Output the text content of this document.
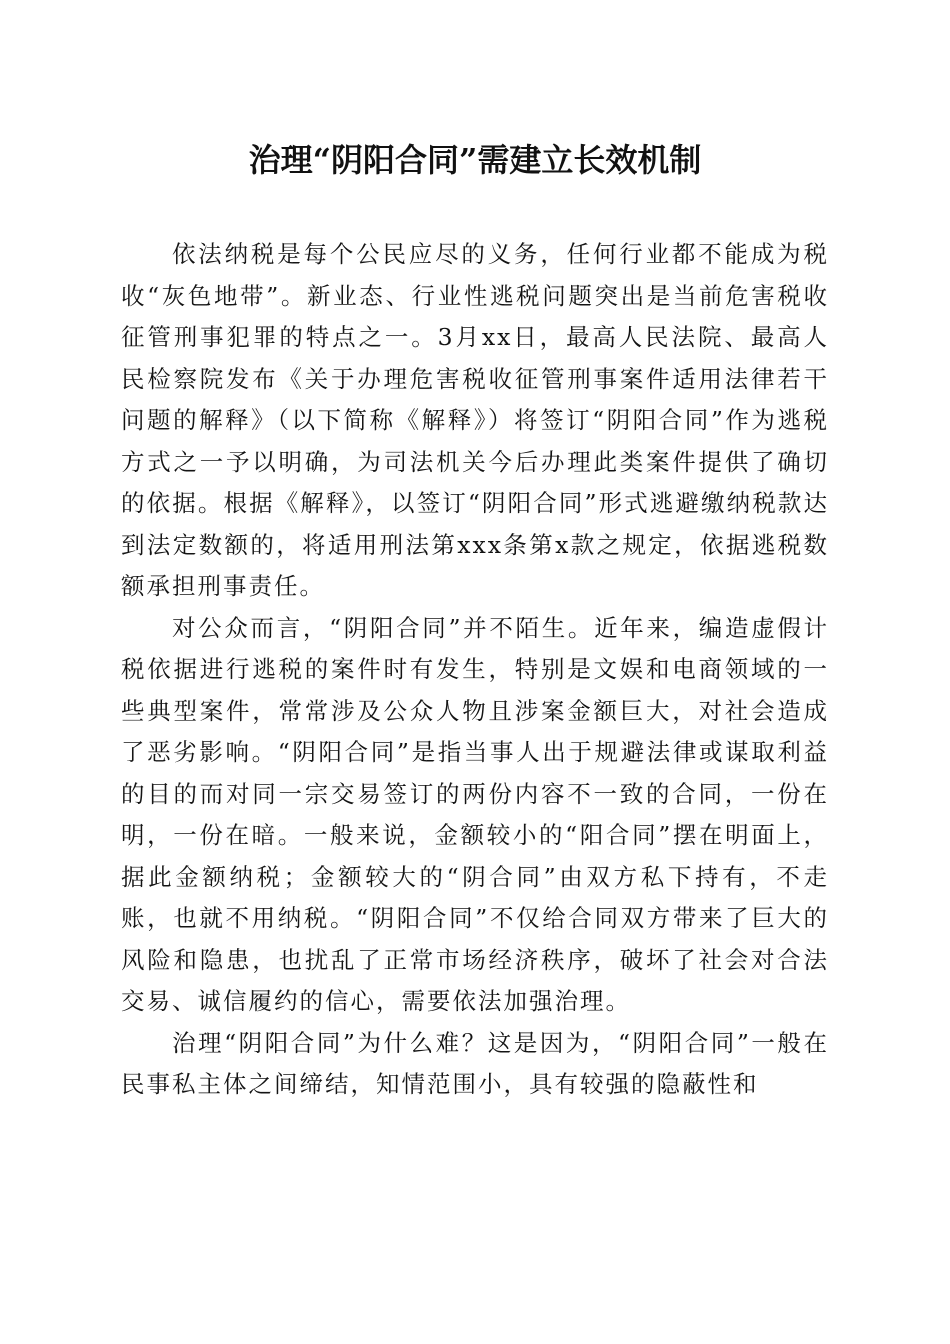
治理“阴阳合同”需建立长效机制

依法纳税是每个公民应尽的义务，任何行业都不能成为税收“灰色地带”。新业态、行业性逃税问题突出是当前危害税收征管刑事犯罪的特点之一。3月xx日，最高人民法院、最高人民检察院发布《关于办理危害税收征管刑事案件适用法律若干问题的解释》（以下简称《解释》）将签订“阴阳合同”作为逃税方式之一予以明确，为司法机关今后办理此类案件提供了确切的依据。根据《解释》，以签订“阴阳合同”形式逃避缴纳税款达到法定数额的，将适用刑法第xxx条第x款之规定，依据逃税数额承担刑事责任。

对公众而言，“阴阳合同”并不陌生。近年来，编造虚假计税依据进行逃税的案件时有发生，特别是文娱和电商领域的一些典型案件，常常涉及公众人物且涉案金额巨大，对社会造成了恶劣影响。“阴阳合同”是指当事人出于规避法律或谋取利益的目的而对同一宗交易签订的两份内容不一致的合同，一份在明，一份在暗。一般来说，金额较小的“阳合同”摆在明面上，据此金额纳税；金额较大的“阴合同”由双方私下持有，不走账，也就不用纳税。“阴阳合同”不仅给合同双方带来了巨大的风险和隐患，也扰乱了正常市场经济秩序，破坏了社会对合法交易、诚信履约的信心，需要依法加强治理。

治理“阴阳合同”为什么难？这是因为，“阴阳合同”一般在民事私主体之间缔结，知情范围小，具有较强的隐蔽性和
